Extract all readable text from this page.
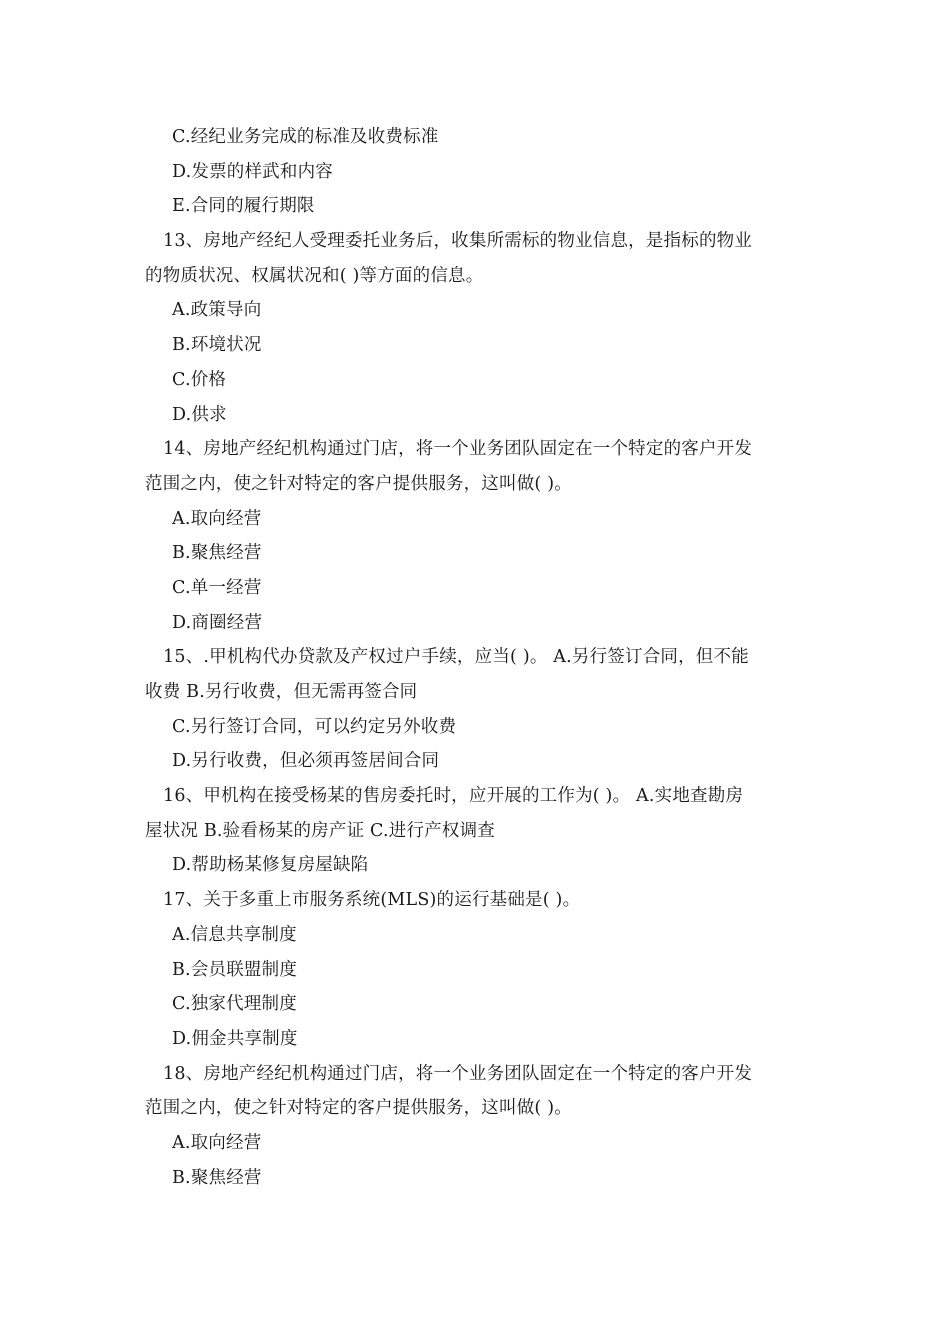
C.经纪业务完成的标准及收费标准
D.发票的样武和内容
E.合同的履行期限
13、房地产经纪人受理委托业务后，收集所需标的物业信息，是指标的物业
的物质状况、权属状况和( )等方面的信息。
A.政策导向
B.环境状况
C.价格
D.供求
14、房地产经纪机构通过门店，将一个业务团队固定在一个特定的客户开发
范围之内，使之针对特定的客户提供服务，这叫做( )。
A.取向经营
B.聚焦经营
C.单一经营
D.商圈经营
15、.甲机构代办贷款及产权过户手续，应当( )。 A.另行签订合同，但不能
收费 B.另行收费，但无需再签合同
C.另行签订合同，可以约定另外收费
D.另行收费，但必须再签居间合同
16、甲机构在接受杨某的售房委托时，应开展的工作为( )。 A.实地查勘房
屋状况 B.验看杨某的房产证 C.进行产权调查
D.帮助杨某修复房屋缺陷
17、关于多重上市服务系统(MLS)的运行基础是( )。
A.信息共享制度
B.会员联盟制度
C.独家代理制度
D.佣金共享制度
18、房地产经纪机构通过门店，将一个业务团队固定在一个特定的客户开发
范围之内，使之针对特定的客户提供服务，这叫做( )。
A.取向经营
B.聚焦经营
